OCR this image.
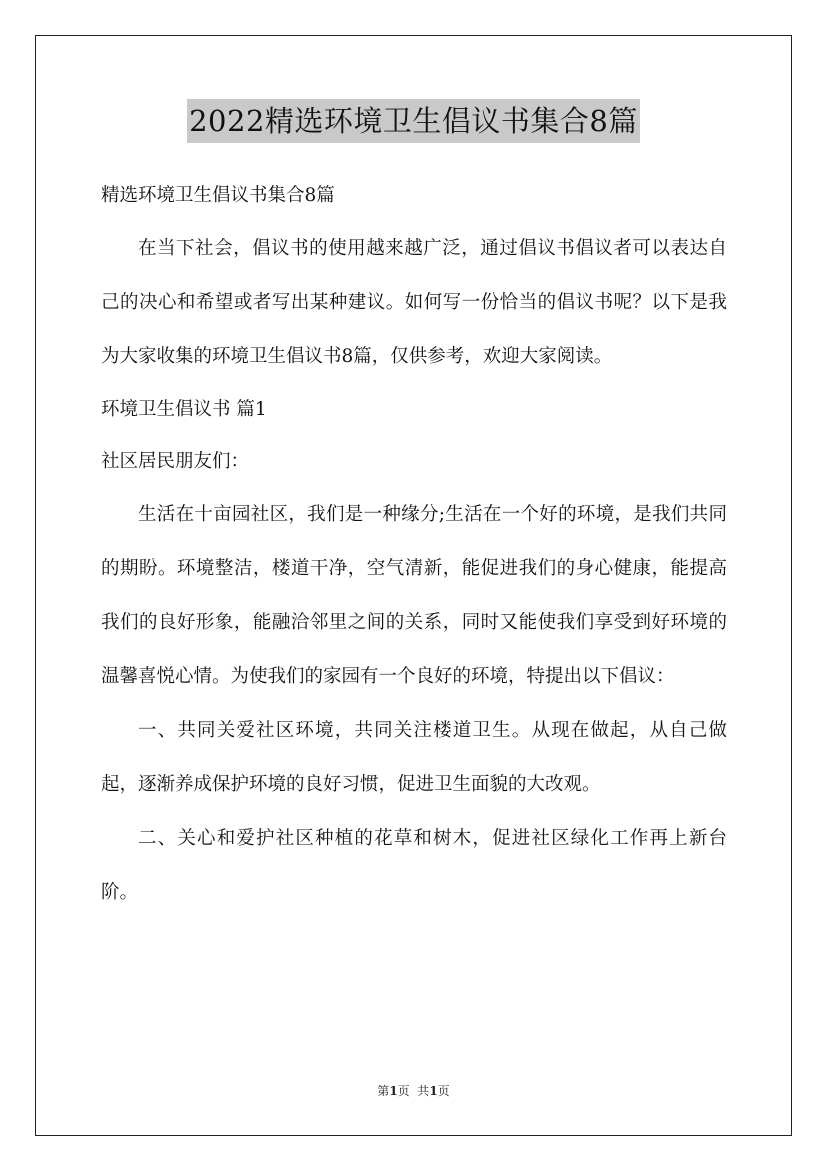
2022精选环境卫生倡议书集合8篇

精选环境卫生倡议书集合8篇

在当下社会，倡议书的使用越来越广泛，通过倡议书倡议者可以表达自己的决心和希望或者写出某种建议。如何写一份恰当的倡议书呢？以下是我为大家收集的环境卫生倡议书8篇，仅供参考，欢迎大家阅读。

环境卫生倡议书 篇1

社区居民朋友们：

生活在十亩园社区，我们是一种缘分;生活在一个好的环境，是我们共同的期盼。环境整洁，楼道干净，空气清新，能促进我们的身心健康，能提高我们的良好形象，能融洽邻里之间的关系，同时又能使我们享受到好环境的温馨喜悦心情。为使我们的家园有一个良好的环境，特提出以下倡议：

一、共同关爱社区环境，共同关注楼道卫生。从现在做起，从自己做起，逐渐养成保护环境的良好习惯，促进卫生面貌的大改观。

二、关心和爱护社区种植的花草和树木，促进社区绿化工作再上新台阶。

第1页  共1页
